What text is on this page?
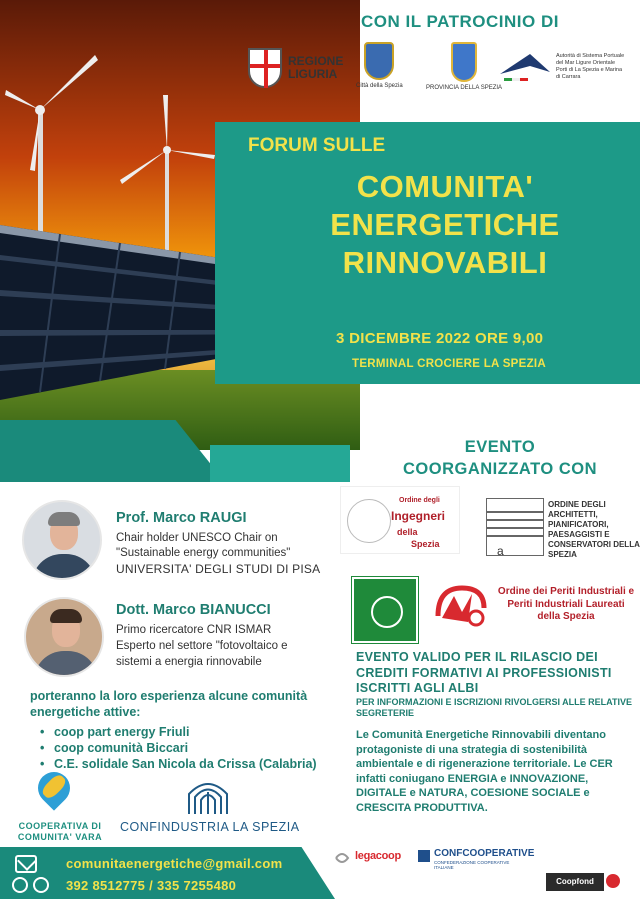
CON IL PATROCINIO DI
REGIONE LIGURIA
Città della Spezia	PROVINCIA DELLA SPEZIA
Autorità di Sistema Portuale del Mar Ligure Orientale Porti di La Spezia e Marina di Carrara
FORUM SULLE
COMUNITA'
ENERGETICHE
RINNOVABILI
3 DICEMBRE 2022 ORE 9,00
TERMINAL CROCIERE LA SPEZIA
EVENTO
COORGANIZZATO CON
Prof. Marco RAUGI
Chair holder UNESCO Chair on
"Sustainable energy communities"
UNIVERSITA' DEGLI STUDI DI PISA
Dott. Marco BIANUCCI
Primo ricercatore CNR ISMAR
Esperto nel settore "fotovoltaico e
sistemi a energia rinnovabile
porteranno la loro esperienza alcune comunità energetiche attive:
• coop part energy Friuli
• coop comunità Biccari
• C.E. solidale San Nicola da Crissa (Calabria)
COOPERATIVA DI COMUNITA' VARA
CONFINDUSTRIA LA SPEZIA
comunitaenergetiche@gmail.com
392 8512775 / 335 7255480
Ordine degli
Ingegneri
della
Spezia	a
ORDINE DEGLI ARCHITETTI, PIANIFICATORI, PAESAGGISTI E CONSERVATORI DELLA SPEZIA
Ordine dei Periti Industriali e Periti Industriali Laureati della Spezia
EVENTO VALIDO PER IL RILASCIO DEI CREDITI FORMATIVI AI PROFESSIONISTI ISCRITTI AGLI ALBI
PER INFORMAZIONI E ISCRIZIONI RIVOLGERSI ALLE RELATIVE SEGRETERIE
Le Comunità Energetiche Rinnovabili diventano protagoniste di una strategia di sostenibilità ambientale e di rigenerazione territoriale. Le CER infatti coniugano ENERGIA e INNOVAZIONE, DIGITALE e NATURA, COESIONE SOCIALE e CRESCITA PRODUTTIVA.
legacoop	CONFCOOPERATIVE
CONFEDERAZIONE COOPERATIVE ITALIANE
Coopfond
